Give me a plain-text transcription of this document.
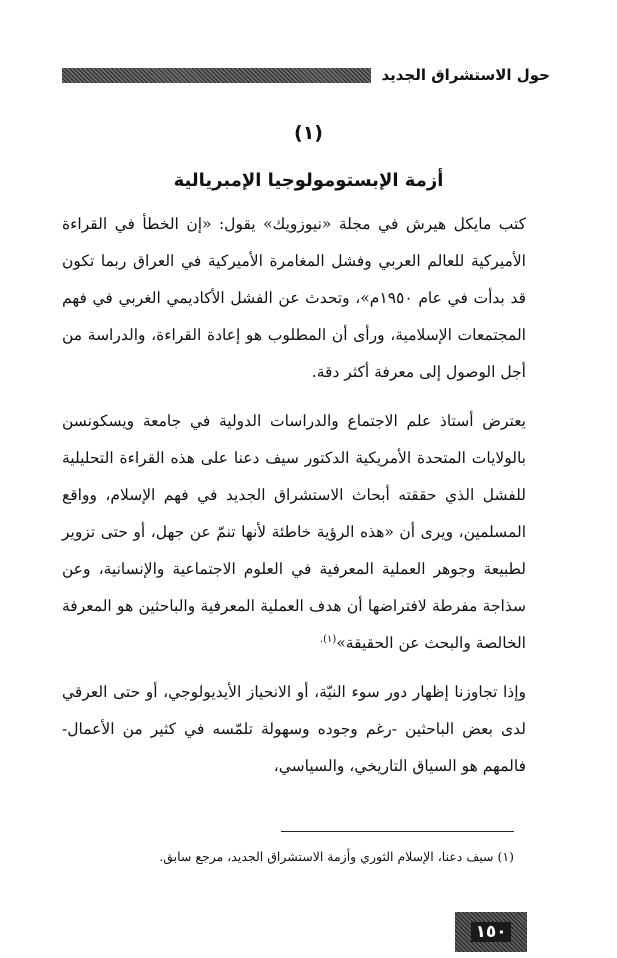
حول الاستشراق الجديد
(١)
أزمة الإبستومولوجيا الإمبريالية

كتب مايكل هيرش في مجلة «نيوزويك» يقول: «إن الخطأ في القراءة الأميركية للعالم العربي وفشل المغامرة الأميركية في العراق ربما تكون قد بدأت في عام ١٩٥٠م»، وتحدث عن الفشل الأكاديمي الغربي في فهم المجتمعات الإسلامية، ورأى أن المطلوب هو إعادة القراءة، والدراسة من أجل الوصول إلى معرفة أكثر دقة.

يعترض أستاذ علم الاجتماع والدراسات الدولية في جامعة ويسكونسن بالولايات المتحدة الأمريكية الدكتور سيف دعنا على هذه القراءة التحليلية للفشل الذي حققته أبحاث الاستشراق الجديد في فهم الإسلام، وواقع المسلمين، ويرى أن «هذه الرؤية خاطئة لأنها تنمّ عن جهل، أو حتى تزوير لطبيعة وجوهر العملية المعرفية في العلوم الاجتماعية والإنسانية، وعن سذاجة مفرطة لافتراضها أن هدف العملية المعرفية والباحثين هو المعرفة الخالصة والبحث عن الحقيقة»$^{(١).}$

وإذا تجاوزنا إظهار دور سوء النيّة، أو الانحياز الأيديولوجي، أو حتى العرقي لدى بعض الباحثين -رغم وجوده وسهولة تلمّسه في كثير من الأعمال- فالمهم هو السياق التاريخي، والسياسي،

(١) سيف دعنا، الإسلام الثوري وأزمة الاستشراق الجديد، مرجع سابق.
١٥٠
